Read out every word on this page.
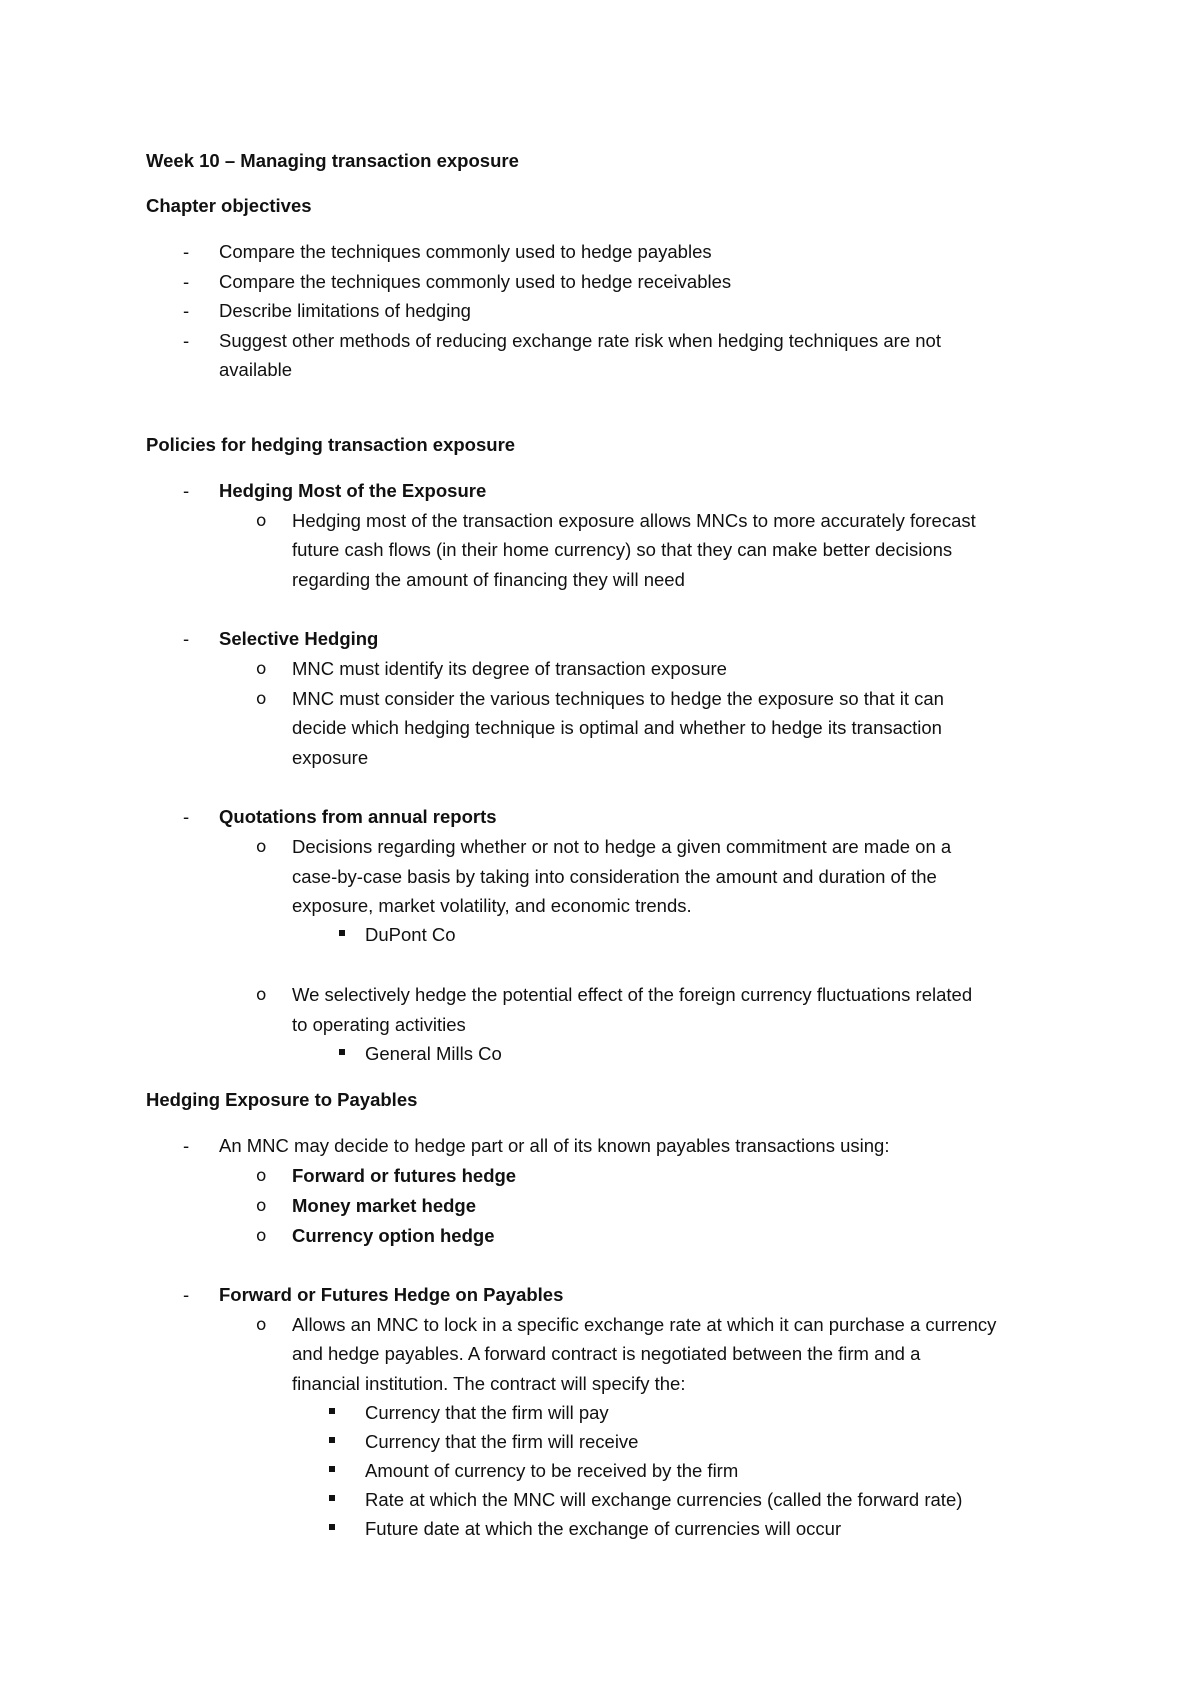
Week 10 – Managing transaction exposure
Chapter objectives
- Compare the techniques commonly used to hedge payables
- Compare the techniques commonly used to hedge receivables
- Describe limitations of hedging
- Suggest other methods of reducing exchange rate risk when hedging techniques are not
available
Policies for hedging transaction exposure
- Hedging Most of the Exposure
o Hedging most of the transaction exposure allows MNCs to more accurately forecast
future cash flows (in their home currency) so that they can make better decisions
regarding the amount of financing they will need
- Selective Hedging
o MNC must identify its degree of transaction exposure
o MNC must consider the various techniques to hedge the exposure so that it can
decide which hedging technique is optimal and whether to hedge its transaction
exposure
- Quotations from annual reports
o Decisions regarding whether or not to hedge a given commitment are made on a
case-by-case basis by taking into consideration the amount and duration of the
exposure, market volatility, and economic trends.
DuPont Co
o We selectively hedge the potential effect of the foreign currency fluctuations related
to operating activities
General Mills Co
Hedging Exposure to Payables
- An MNC may decide to hedge part or all of its known payables transactions using:
o Forward or futures hedge
o Money market hedge
o Currency option hedge
- Forward or Futures Hedge on Payables
o Allows an MNC to lock in a specific exchange rate at which it can purchase a currency
and hedge payables. A forward contract is negotiated between the firm and a
financial institution. The contract will specify the:
Currency that the firm will pay
Currency that the firm will receive
Amount of currency to be received by the firm
Rate at which the MNC will exchange currencies (called the forward rate)
Future date at which the exchange of currencies will occur
